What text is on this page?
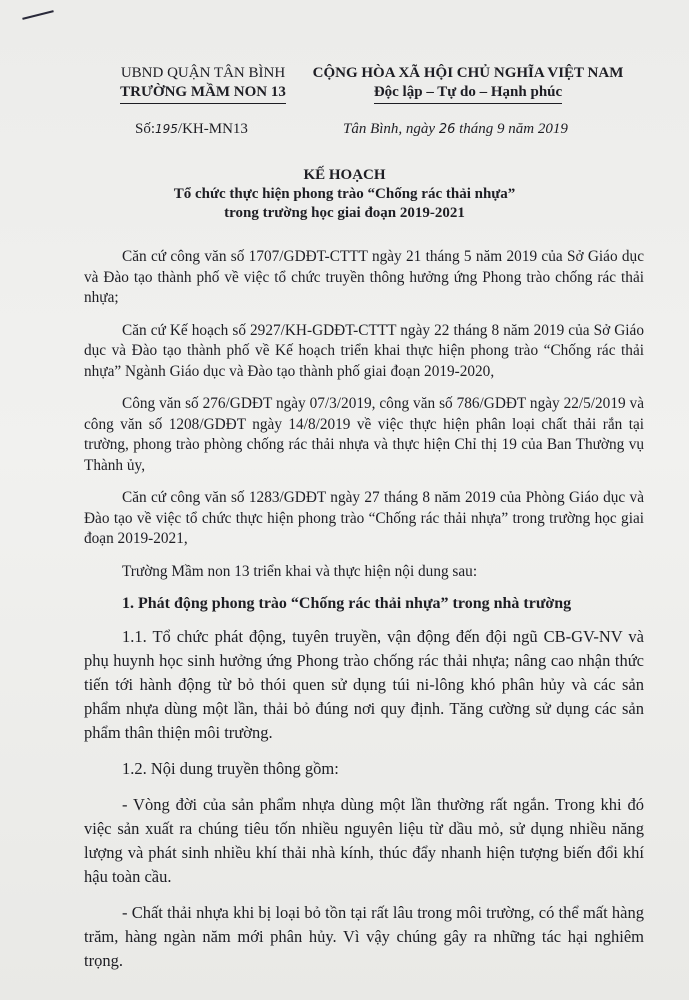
UBND QUẬN TÂN BÌNH
TRƯỜNG MẦM NON 13
CỘNG HÒA XÃ HỘI CHỦ NGHĨA VIỆT NAM
Độc lập – Tự do – Hạnh phúc
Số:195/KH-MN13	Tân Bình, ngày 26 tháng 9 năm 2019
KẾ HOẠCH
Tổ chức thực hiện phong trào “Chống rác thải nhựa”
trong trường học giai đoạn 2019-2021

Căn cứ công văn số 1707/GDĐT-CTTT ngày 21 tháng 5 năm 2019 của Sở Giáo dục và Đào tạo thành phố về việc tổ chức truyền thông hưởng ứng Phong trào chống rác thải nhựa;

Căn cứ Kế hoạch số 2927/KH-GDĐT-CTTT ngày 22 tháng 8 năm 2019 của Sở Giáo dục và Đào tạo thành phố về Kế hoạch triển khai thực hiện phong trào “Chống rác thải nhựa” Ngành Giáo dục và Đào tạo thành phố giai đoạn 2019-2020,

Công văn số 276/GDĐT ngày 07/3/2019, công văn số 786/GDĐT ngày 22/5/2019 và công văn số 1208/GDĐT ngày 14/8/2019 về việc thực hiện phân loại chất thải rắn tại trường, phong trào phòng chống rác thải nhựa và thực hiện Chỉ thị 19 của Ban Thường vụ Thành ủy,

Căn cứ công văn số 1283/GDĐT ngày 27 tháng 8 năm 2019 của Phòng Giáo dục và Đào tạo về việc tổ chức thực hiện phong trào “Chống rác thải nhựa” trong trường học giai đoạn 2019-2021,

Trường Mầm non 13 triển khai và thực hiện nội dung sau:

1. Phát động phong trào “Chống rác thải nhựa” trong nhà trường

1.1. Tổ chức phát động, tuyên truyền, vận động đến đội ngũ CB-GV-NV và phụ huynh học sinh hưởng ứng Phong trào chống rác thải nhựa; nâng cao nhận thức tiến tới hành động từ bỏ thói quen sử dụng túi ni-lông khó phân hủy và các sản phẩm nhựa dùng một lần, thải bỏ đúng nơi quy định. Tăng cường sử dụng các sản phẩm thân thiện môi trường.

1.2. Nội dung truyền thông gồm:

- Vòng đời của sản phẩm nhựa dùng một lần thường rất ngắn. Trong khi đó việc sản xuất ra chúng tiêu tốn nhiều nguyên liệu từ dầu mỏ, sử dụng nhiều năng lượng và phát sinh nhiều khí thải nhà kính, thúc đẩy nhanh hiện tượng biến đổi khí hậu toàn cầu.

- Chất thải nhựa khi bị loại bỏ tồn tại rất lâu trong môi trường, có thể mất hàng trăm, hàng ngàn năm mới phân hủy. Vì vậy chúng gây ra những tác hại nghiêm trọng.
